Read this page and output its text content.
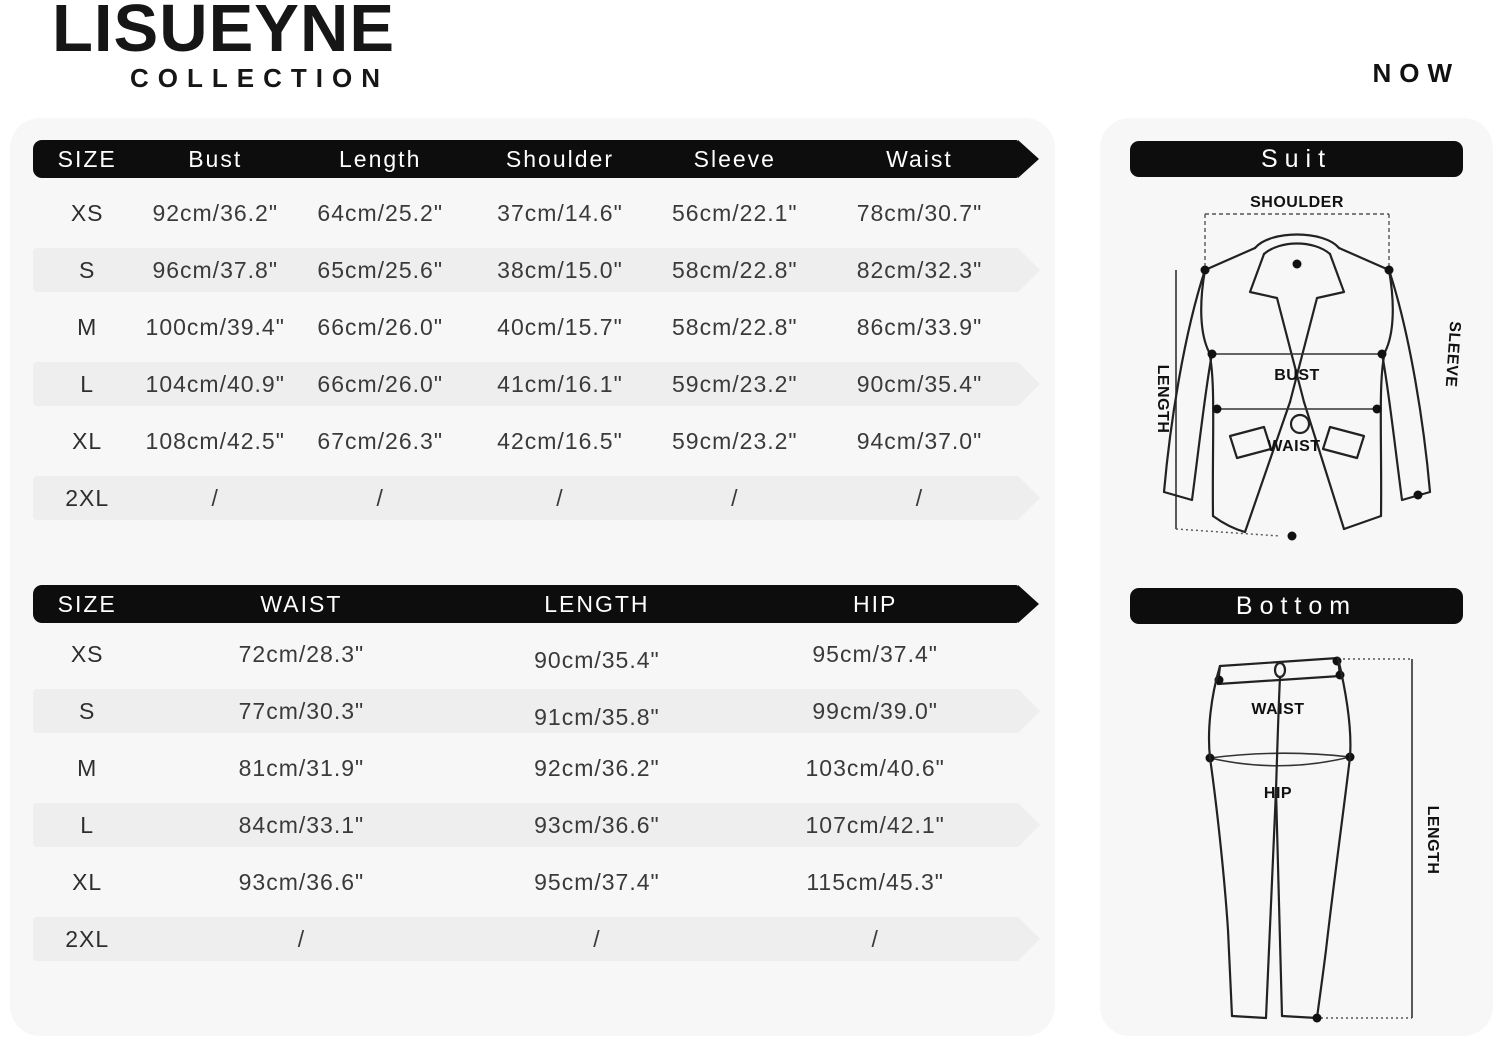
LISUEYNE
COLLECTION	NOW
SIZE	Bust	Length	Shoulder	Sleeve	Waist
XS	92cm/36.2"	64cm/25.2"	37cm/14.6"	56cm/22.1"	78cm/30.7"
S	96cm/37.8"	65cm/25.6"	38cm/15.0"	58cm/22.8"	82cm/32.3"
M	100cm/39.4"	66cm/26.0"	40cm/15.7"	58cm/22.8"	86cm/33.9"
L	104cm/40.9"	66cm/26.0"	41cm/16.1"	59cm/23.2"	90cm/35.4"
XL	108cm/42.5"	67cm/26.3"	42cm/16.5"	59cm/23.2"	94cm/37.0"
2XL	/	/	/	/	/
SIZE	WAIST	LENGTH	HIP
XS	72cm/28.3"	90cm/35.4"	95cm/37.4"
S	77cm/30.3"	91cm/35.8"	99cm/39.0"
M	81cm/31.9"	92cm/36.2"	103cm/40.6"
L	84cm/33.1"	93cm/36.6"	107cm/42.1"
XL	93cm/36.6"	95cm/37.4"	115cm/45.3"
2XL	/	/	/
Suit
SHOULDER
LENGTH
SLEEVE
BUST
WAIST
Bottom
LENGTH
WAIST
HIP
